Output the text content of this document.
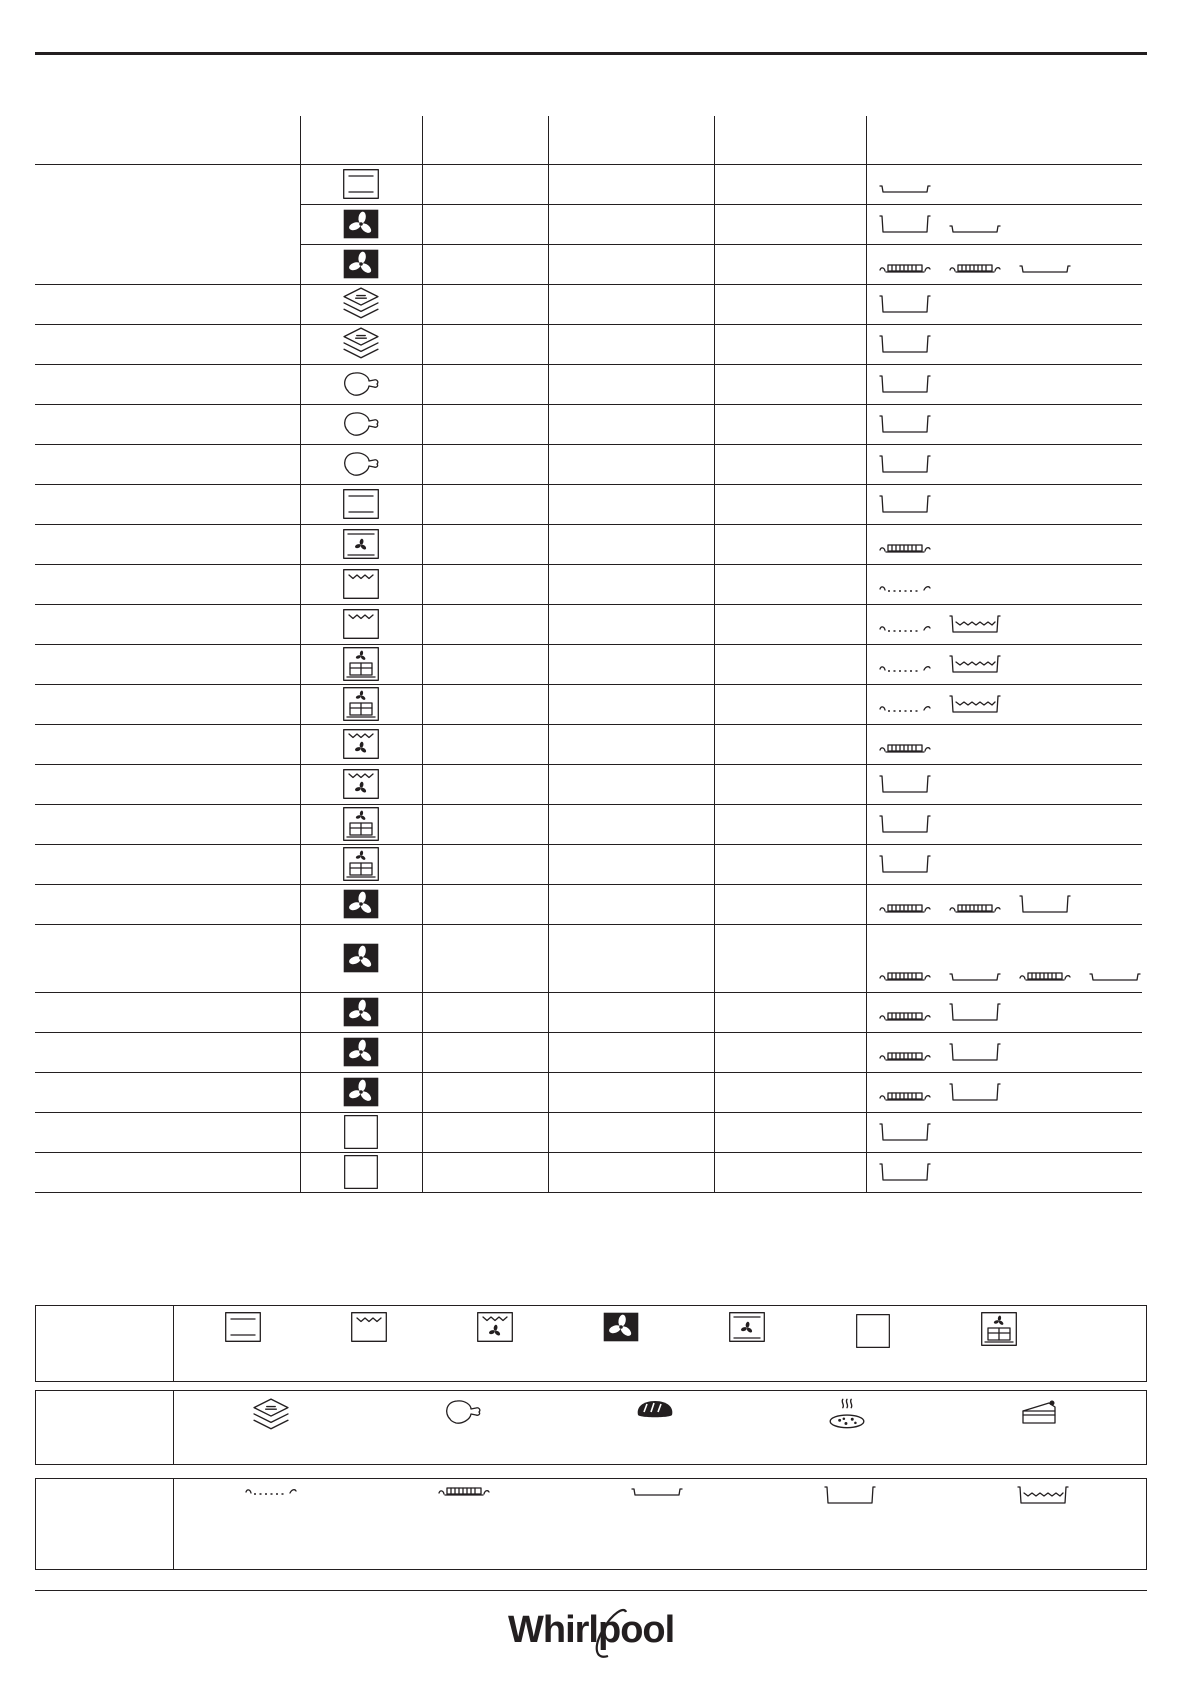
Whirlpool
